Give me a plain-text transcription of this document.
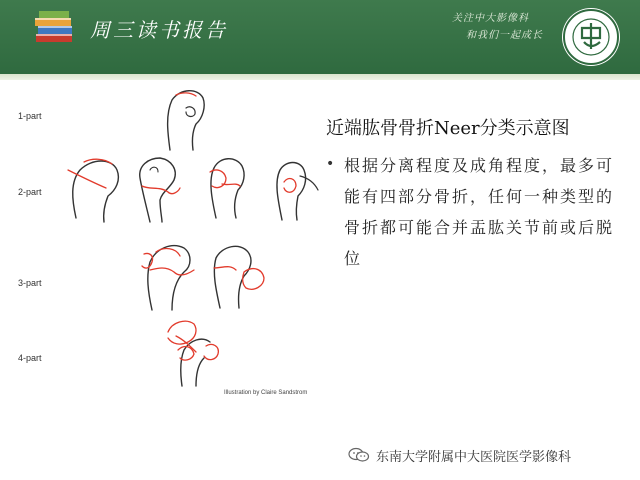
周三读书报告	关注中大影像科
和我们一起成长
1-part
2-part
3-part
4-part
Illustration by Claire Sandstrom
近端肱骨骨折Neer分类示意图
• 根据分离程度及成角程度，最多可能有四部分骨折，任何一种类型的骨折都可能合并盂肱关节前或后脱位
东南大学附属中大医院医学影像科
